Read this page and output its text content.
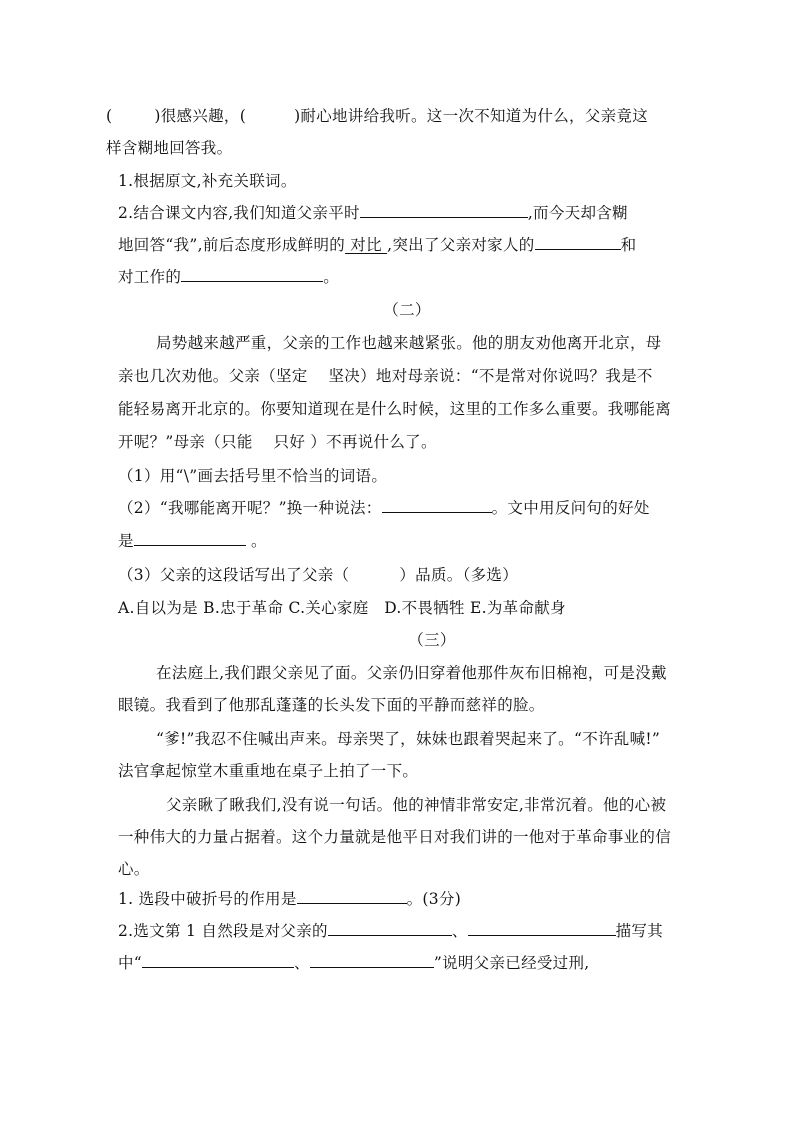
(	)很感兴趣，(	)耐心地讲给我听。这一次不知道为什么，父亲竟这
样含糊地回答我。
1.根据原文,补充关联词。
2.结合课文内容,我们知道父亲平时	,而今天却含糊
地回答“我”,前后态度形成鲜明的 对比 ,突出了父亲对家人的	和
对工作的	。
（二）
局势越来越严重，父亲的工作也越来越紧张。他的朋友劝他离开北京，母
亲也几次劝他。父亲（坚定    坚决）地对母亲说：“不是常对你说吗？我是不
能轻易离开北京的。你要知道现在是什么时候，这里的工作多么重要。我哪能离
开呢？”母亲（只能    只好 ）不再说什么了。
（1）用“\”画去括号里不恰当的词语。
（2）“我哪能离开呢？”换一种说法：	。文中用反问句的好处
是	。
（3）父亲的这段话写出了父亲（	）品质。（多选）
A.自以为是 B.忠于革命 C.关心家庭   D.不畏牺牲 E.为革命献身
（三）
在法庭上,我们跟父亲见了面。父亲仍旧穿着他那件灰布旧棉袍，可是没戴
眼镜。我看到了他那乱蓬蓬的长头发下面的平静而慈祥的脸。
“爹!”我忍不住喊出声来。母亲哭了，妹妹也跟着哭起来了。“不许乱喊!”
法官拿起惊堂木重重地在桌子上拍了一下。
父亲瞅了瞅我们,没有说一句话。他的神情非常安定,非常沉着。他的心被
一种伟大的力量占据着。这个力量就是他平日对我们讲的一他对于革命事业的信
心。
1. 选段中破折号的作用是	。(3分)
2.选文第 1 自然段是对父亲的	、	描写其
中“	、	”说明父亲已经受过刑,
